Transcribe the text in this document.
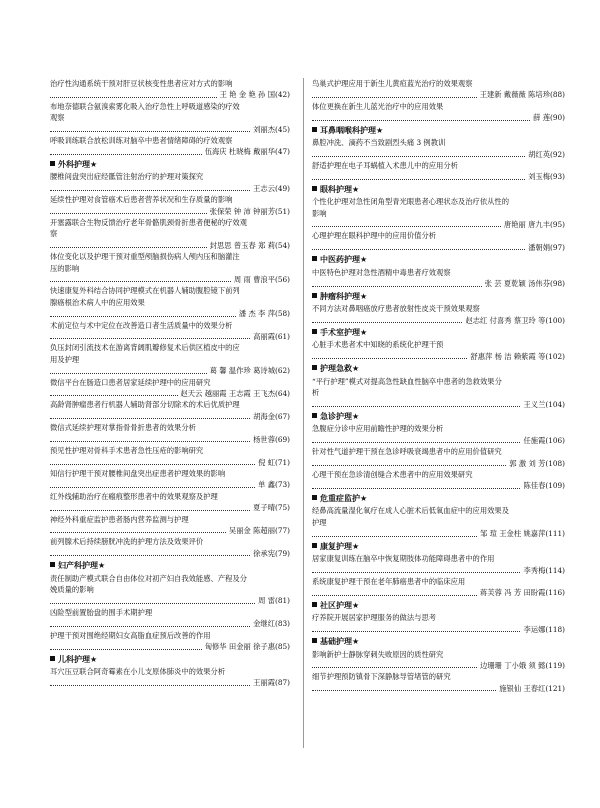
治疗性沟通系统干预对肝豆状核变性患者应对方式的影响
王 艳 金 艳 孙 国(42)
布地奈德联合氨溴索雾化吸入治疗急性上呼吸道感染的疗效
观察
刘丽杰(45)
呼吸训练联合放松训练对脑卒中患者情绪障碍的疗效观察
伍海庆 杜晓梅 戴丽华(47)
外科护理★
腰椎间盘突出症经骶管注射治疗的护理对策探究
王志云(49)
延续性护理对食管癌术后患者营养状况和生存质量的影响
张保荣 钟 沛 钟丽芳(51)
开塞露联合生物反馈治疗老年骨骼肌颈骨折患者便秘的疗效观
察
封思思 曾玉春 郑 莉(54)
体位变化以及护理干预对重型颅脑损伤病人颅内压和脑灌注
压的影响
周 雨 曹浪平(56)
快速康复外科结合协同护理模式在机器人辅助腹腔镜下前列
腺癌根治术病人中的应用效果
潘 杰 李 萍(58)
术前定位与术中定位在改善造口者生活质量中的效果分析
高丽霞(61)
负压封闭引流技术在游离背阔肌瓣修复术后供区植皮中的应
用及护理
葛 馨 温作珍 葛诗城(62)
微信平台在肠造口患者居家延续护理中的应用研究
赵天云 越丽霞 王志霞 王飞杰(64)
高龄肾肿瘤患者行机器人辅助肾部分切除术的术后优质护理
胡海金(67)
微信式延续护理对掌指骨骨折患者的效果分析
杨世蓉(69)
预见性护理对骨科手术患者急性压疮的影响研究
倪 虹(71)
知信行护理干预对腰椎间盘突出症患者护理效果的影响
单 鑫(73)
红外线辅助治疗在瘢痕整形患者中的效果观察及护理
夏子晴(75)
神经外科重症监护患者肠内营养监测与护理
吴丽金 陈超丽(77)
前列腺术后持续膀胱冲洗的护理方法及效果评价
徐承宪(79)
妇产科护理★
责任制助产模式联合自由体位对初产妇自我效能感、产程及分
娩质量的影响
周 雷(81)
凶险型前置胎盘的围手术期护理
金继红(83)
护理干预对围绝经期妇女高脂血症预后改善的作用
匈修华 田金丽 徐子惠(85)
儿科护理★
耳穴压豆联合阿奇霉素在小儿支原体肺炎中的效果分析
王丽霞(87)
鸟巢式护理应用于新生儿黄疸蓝光治疗的效果观察
王建新 戴薇薇 陈培珍(88)
体位更换在新生儿蓝光治疗中的应用效果
薛 莲(90)
耳鼻咽喉科护理★
鼻腔冲洗、滴药不当致剧烈头痛 3 例教训
胡红英(92)
舒适护理在电子耳蜗植入术患儿中的应用分析
刘玉梅(93)
眼科护理★
个性化护理对急性闭角型青光眼患者心理状态及治疗依从性的
影响
唐艳丽 唐九丰(95)
心理护理在眼科护理中的应用价值分析
潘朝娟(97)
中医药护理★
中医特色护理对急性酒精中毒患者疗效观察
张 芸 夏乾颖 汤伟芬(98)
肿瘤科护理★
不同方法对鼻咽癌放疗患者放射性皮炎干预效果观察
赵志红 付喜秀 蔡卫玲 等(100)
手术室护理★
心脏手术患者术中知晓的系统化护理干预
舒惠萍 杨 洁 赖紫霞 等(102)
护理急救★
“平行护理”模式对提高急性缺血性脑卒中患者的急救效果分
析
王义兰(104)
急诊护理★
急腹症分诊中应用前瞻性护理的效果分析
任施霞(106)
针对性气道护理干预在急诊呼吸衰竭患者中的应用价值研究
郭 激 刘 芳(108)
心理干预在急诊清创缝合术患者中的应用效果研究
陈佳春(109)
危重症监护★
经鼻高流量湿化氧疗在成人心脏术后低氧血症中的应用效果及
护理
邹 瑄 王金柱 姚嘉萍(111)
康复护理★
居家康复训练在脑卒中恢复期肢体功能障碍患者中的作用
李秀梅(114)
系统康复护理干预在老年肺癌患者中的临床应用
蒋芙蓉 冯 芳 田盼霞(116)
社区护理★
疗养院开展居家护理服务的做法与思考
李运娜(118)
基础护理★
影响新护士静脉穿刺失败原因的质性研究
边珊珊 丁小娥 须 懿(119)
细节护理预防镇骨下深静脉导管堵管的研究
施银仙 王春红(121)
